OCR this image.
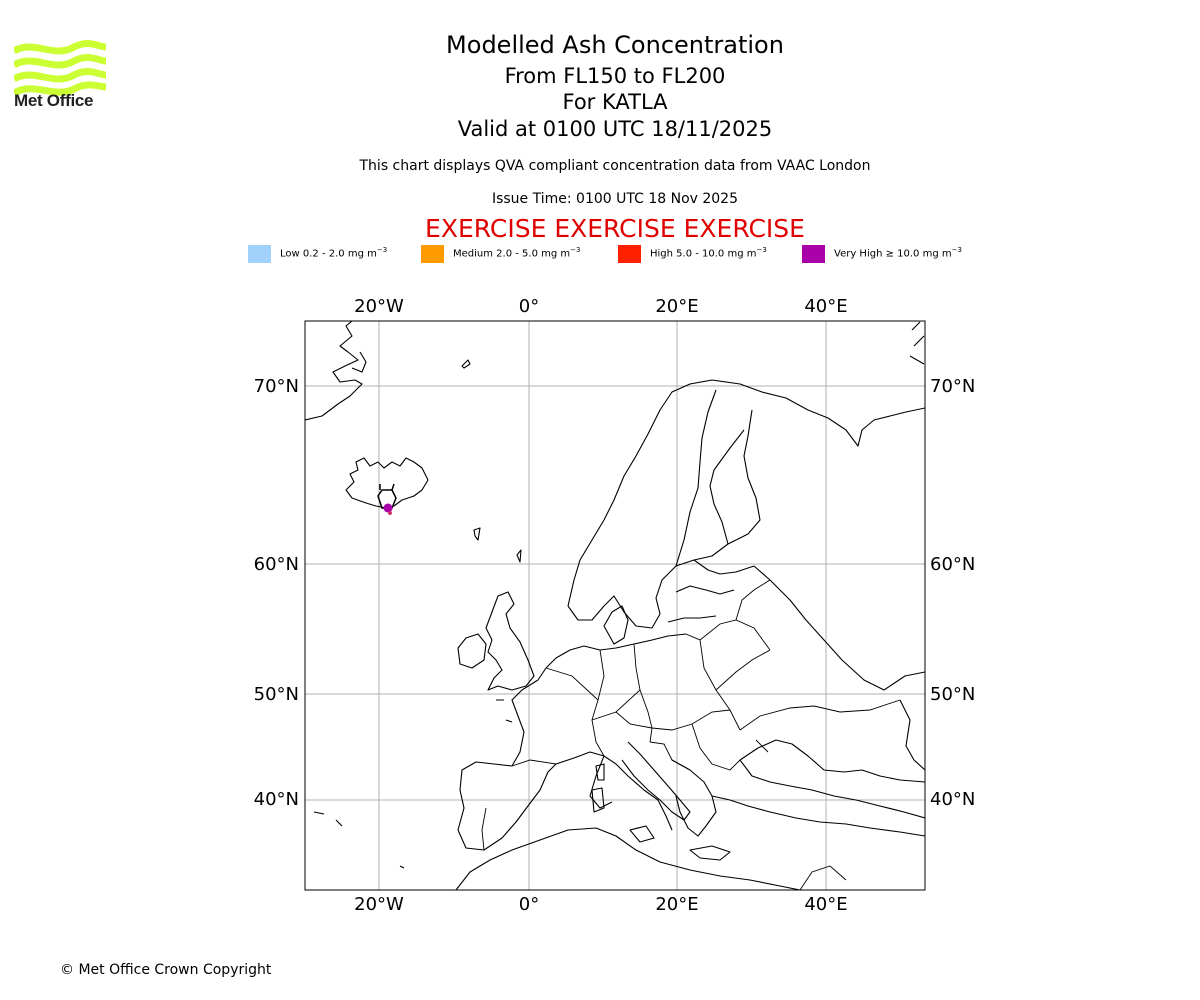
Met Office
Modelled Ash Concentration
From FL150 to FL200
For KATLA
Valid at 0100 UTC 18/11/2025
This chart displays QVA compliant concentration data from VAAC London
Issue Time: 0100 UTC 18 Nov 2025
EXERCISE EXERCISE EXERCISE
Low 0.2 - 2.0 mg $m^{-3}$	Medium 2.0 - 5.0 mg $m^{-3}$	High 5.0 - 10.0 mg $m^{-3}$	Very High ≥ 10.0 mg $m^{-3}$
20°W	0°	20°E	40°E
20°W	0°	20°E	40°E
70°N
60°N
50°N
40°N
70°N
60°N
50°N
40°N
© Met Office Crown Copyright
